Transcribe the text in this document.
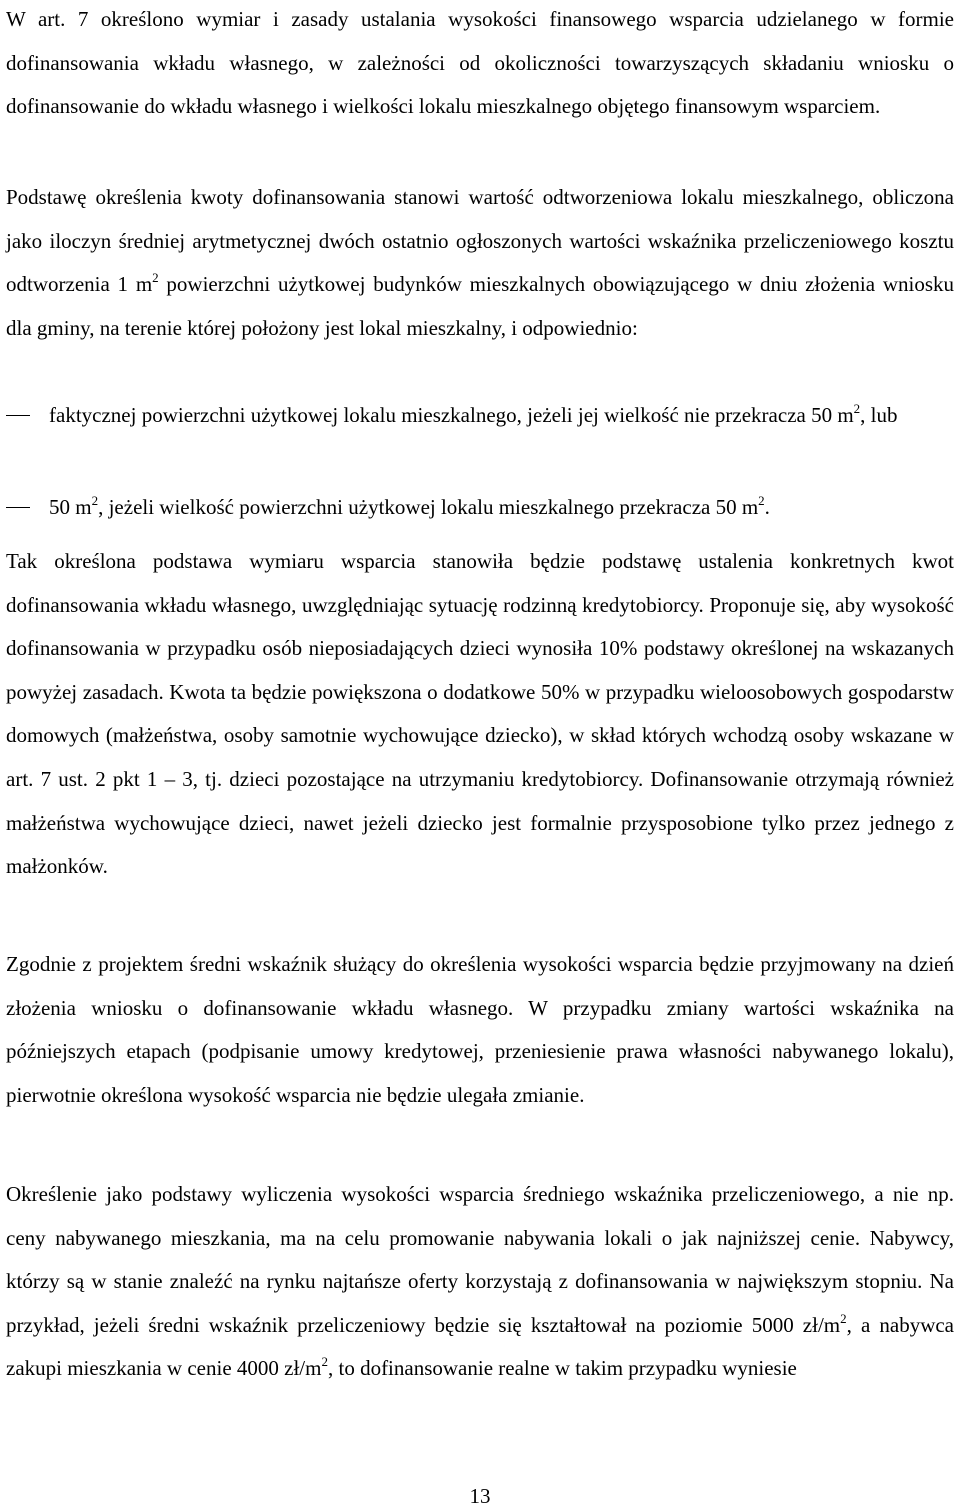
W art. 7 określono wymiar i zasady ustalania wysokości finansowego wsparcia udzielanego w formie dofinansowania wkładu własnego, w zależności od okoliczności towarzyszących składaniu wniosku o dofinansowanie do wkładu własnego i wielkości lokalu mieszkalnego objętego finansowym wsparciem.

Podstawę określenia kwoty dofinansowania stanowi wartość odtworzeniowa lokalu mieszkalnego, obliczona jako iloczyn średniej arytmetycznej dwóch ostatnio ogłoszonych wartości wskaźnika przeliczeniowego kosztu odtworzenia 1 $m^2$ powierzchni użytkowej budynków mieszkalnych obowiązującego w dniu złożenia wniosku dla gminy, na terenie której położony jest lokal mieszkalny, i odpowiednio:

faktycznej powierzchni użytkowej lokalu mieszkalnego, jeżeli jej wielkość nie przekracza 50 $m^2$, lub
50 $m^2$, jeżeli wielkość powierzchni użytkowej lokalu mieszkalnego przekracza 50 $m^2$.

Tak określona podstawa wymiaru wsparcia stanowiła będzie podstawę ustalenia konkretnych kwot dofinansowania wkładu własnego, uwzględniając sytuację rodzinną kredytobiorcy. Proponuje się, aby wysokość dofinansowania w przypadku osób nieposiadających dzieci wynosiła 10% podstawy określonej na wskazanych powyżej zasadach. Kwota ta będzie powiększona o dodatkowe 50% w przypadku wieloosobowych gospodarstw domowych (małżeństwa, osoby samotnie wychowujące dziecko), w skład których wchodzą osoby wskazane w art. 7 ust. 2 pkt 1 – 3, tj. dzieci pozostające na utrzymaniu kredytobiorcy. Dofinansowanie otrzymają również małżeństwa wychowujące dzieci, nawet jeżeli dziecko jest formalnie przysposobione tylko przez jednego z małżonków.

Zgodnie z projektem średni wskaźnik służący do określenia wysokości wsparcia będzie przyjmowany na dzień złożenia wniosku o dofinansowanie wkładu własnego. W przypadku zmiany wartości wskaźnika na późniejszych etapach (podpisanie umowy kredytowej, przeniesienie prawa własności nabywanego lokalu), pierwotnie określona wysokość wsparcia nie będzie ulegała zmianie.

Określenie jako podstawy wyliczenia wysokości wsparcia średniego wskaźnika przeliczeniowego, a nie np. ceny nabywanego mieszkania, ma na celu promowanie nabywania lokali o jak najniższej cenie. Nabywcy, którzy są w stanie znaleźć na rynku najtańsze oferty korzystają z dofinansowania w największym stopniu. Na przykład, jeżeli średni wskaźnik przeliczeniowy będzie się kształtował na poziomie 5000 $zł/m^2$, a nabywca zakupi mieszkania w cenie 4000 $zł/m^2$, to dofinansowanie realne w takim przypadku wyniesie

13
